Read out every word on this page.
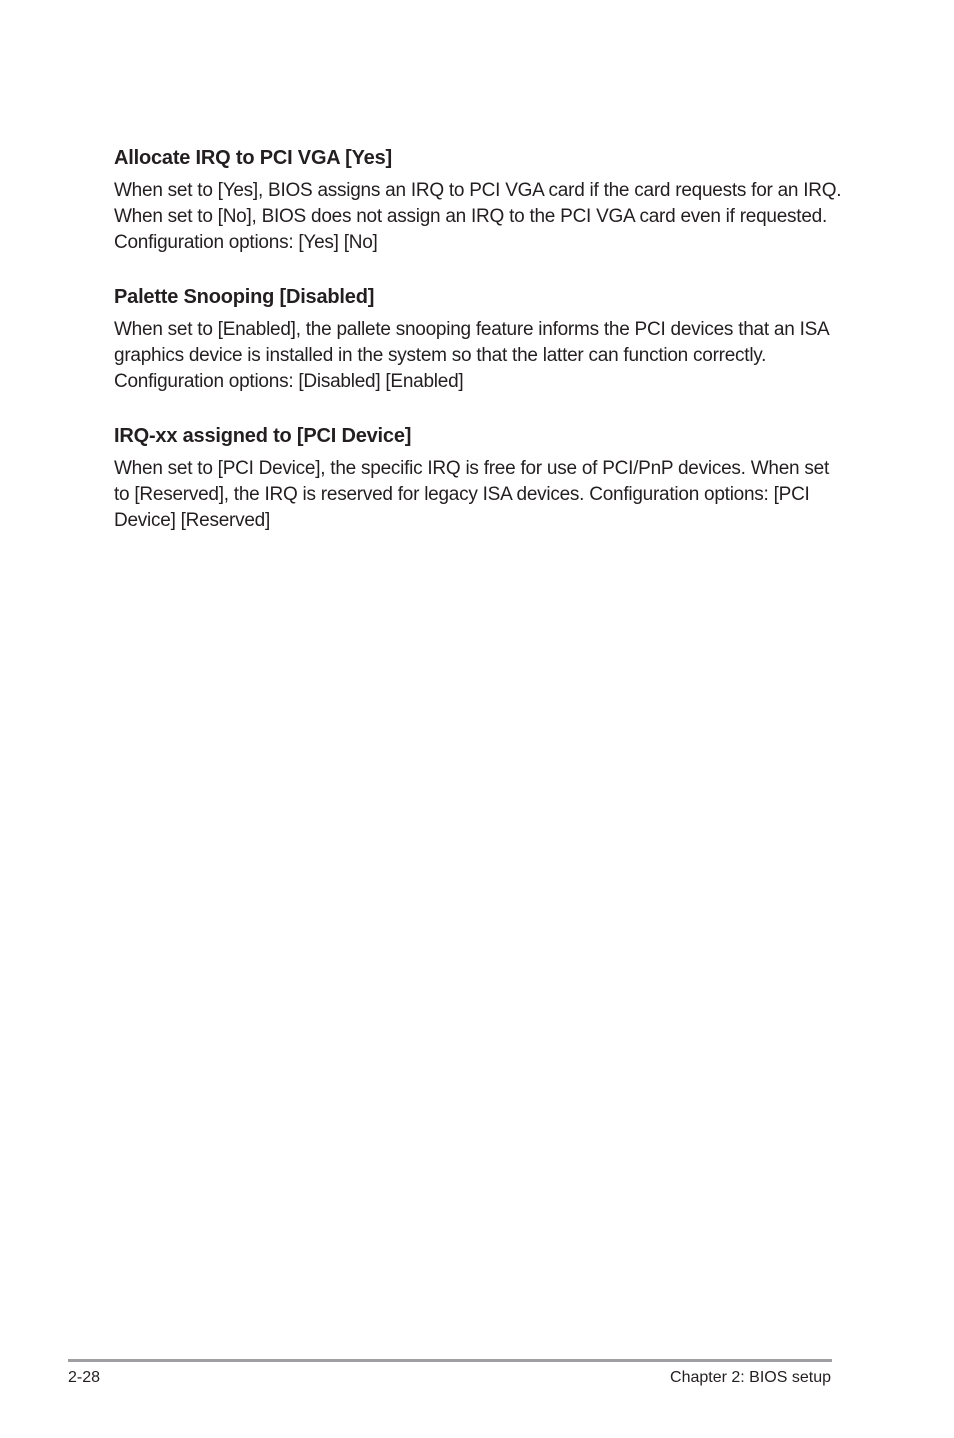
Allocate IRQ to PCI VGA [Yes]

When set to [Yes], BIOS assigns an IRQ to PCI VGA card if the card requests for an IRQ. When set to [No], BIOS does not assign an IRQ to the PCI VGA card even if requested. Configuration options: [Yes] [No]

Palette Snooping [Disabled]

When set to [Enabled], the pallete snooping feature informs the PCI devices that an ISA graphics device is installed in the system so that the latter can function correctly. Configuration options: [Disabled] [Enabled]

IRQ-xx assigned to [PCI Device]

When set to [PCI Device], the specific IRQ is free for use of PCI/PnP devices. When set to [Reserved], the IRQ is reserved for legacy ISA devices. Configuration options: [PCI Device] [Reserved]

2-28	Chapter 2: BIOS setup
